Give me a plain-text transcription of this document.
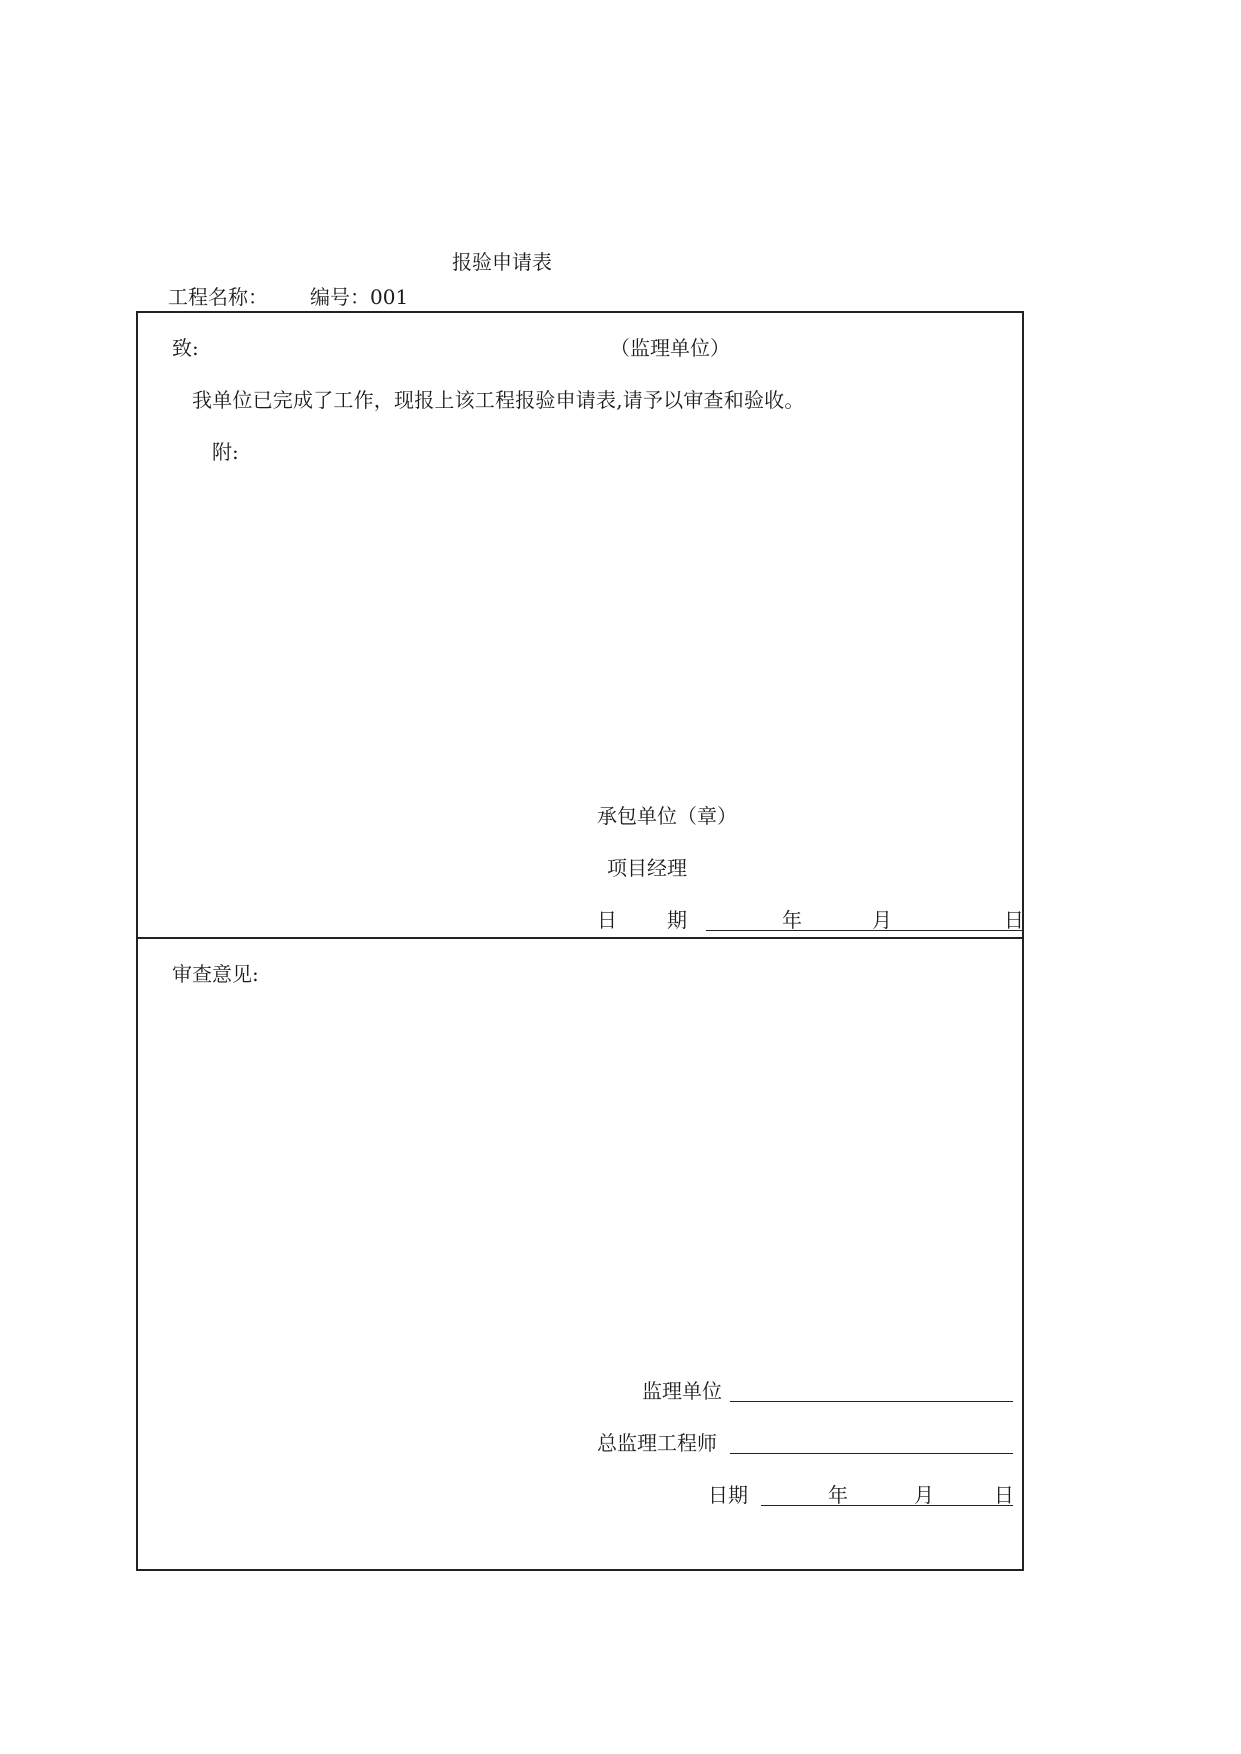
报验申请表
工程名称： 编号：001
致:	（监理单位）
我单位已完成了工作，现报上该工程报验申请表,请予以审查和验收。
附:
承包单位（章）
项目经理
日	期	年	月	日
审查意见:
监理单位
总监理工程师
日期	年	月	日
